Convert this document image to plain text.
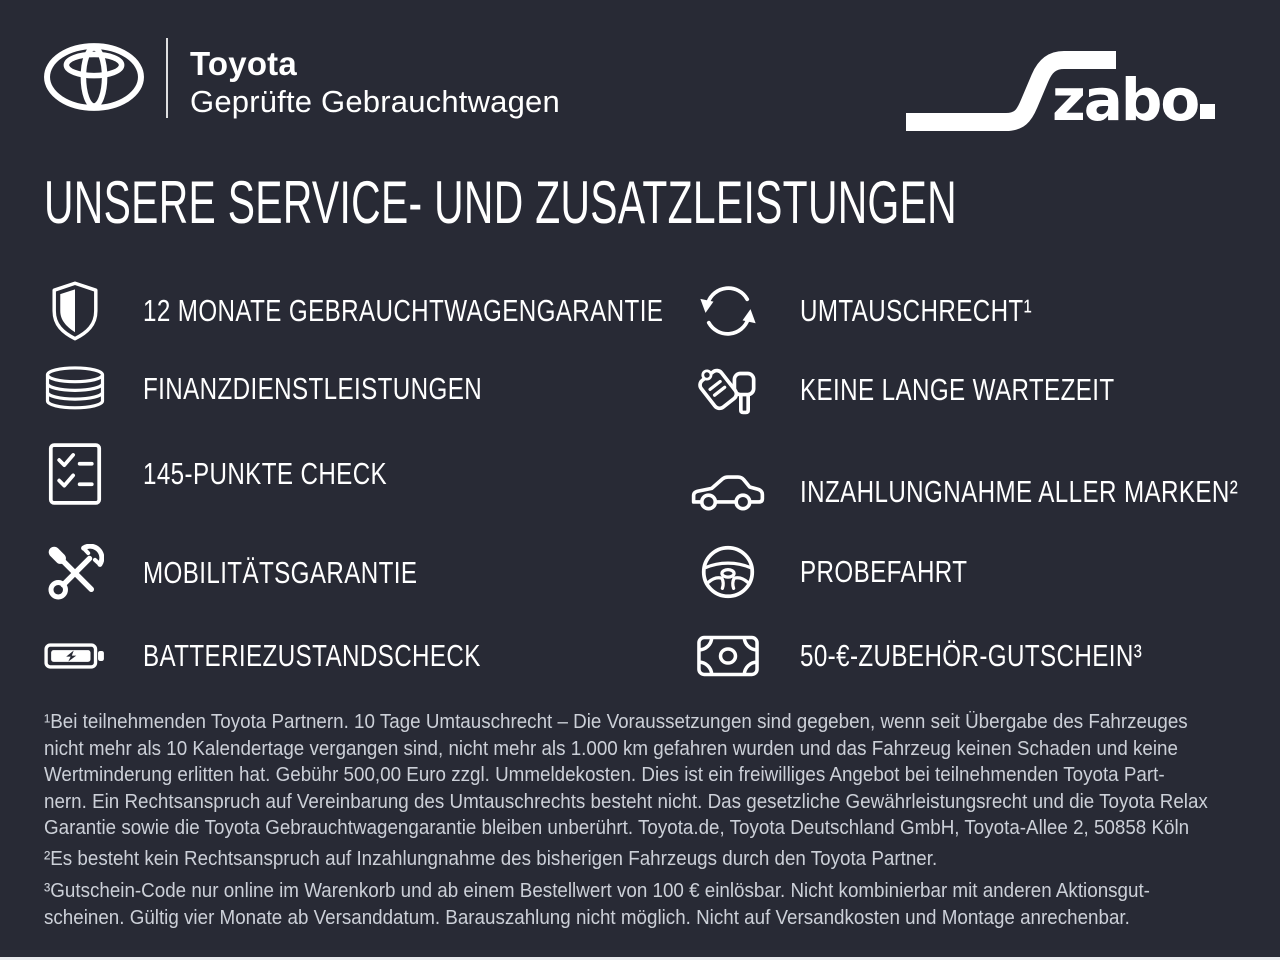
Toyota
Geprüfte Gebrauchtwagen	zabo
UNSERE SERVICE- UND ZUSATZLEISTUNGEN
12 MONATE GEBRAUCHTWAGENGARANTIE
FINANZDIENSTLEISTUNGEN
145-PUNKTE CHECK
MOBILITÄTSGARANTIE
BATTERIEZUSTANDSCHECK
UMTAUSCHRECHT¹
KEINE LANGE WARTEZEIT
INZAHLUNGNAHME ALLER MARKEN²
PROBEFAHRT
50-€-ZUBEHÖR-GUTSCHEIN³
¹Bei teilnehmenden Toyota Partnern. 10 Tage Umtauschrecht – Die Voraussetzungen sind gegeben, wenn seit Übergabe des Fahrzeuges
nicht mehr als 10 Kalendertage vergangen sind, nicht mehr als 1.000 km gefahren wurden und das Fahrzeug keinen Schaden und keine
Wertminderung erlitten hat. Gebühr 500,00 Euro zzgl. Ummeldekosten. Dies ist ein freiwilliges Angebot bei teilnehmenden Toyota Part-
nern. Ein Rechtsanspruch auf Vereinbarung des Umtauschrechts besteht nicht. Das gesetzliche Gewährleistungsrecht und die Toyota Relax
Garantie sowie die Toyota Gebrauchtwagengarantie bleiben unberührt. Toyota.de, Toyota Deutschland GmbH, Toyota-Allee 2, 50858 Köln
²Es besteht kein Rechtsanspruch auf Inzahlungnahme des bisherigen Fahrzeugs durch den Toyota Partner.
³Gutschein-Code nur online im Warenkorb und ab einem Bestellwert von 100 € einlösbar. Nicht kombinierbar mit anderen Aktionsgut-
scheinen. Gültig vier Monate ab Versanddatum. Barauszahlung nicht möglich. Nicht auf Versandkosten und Montage anrechenbar.
